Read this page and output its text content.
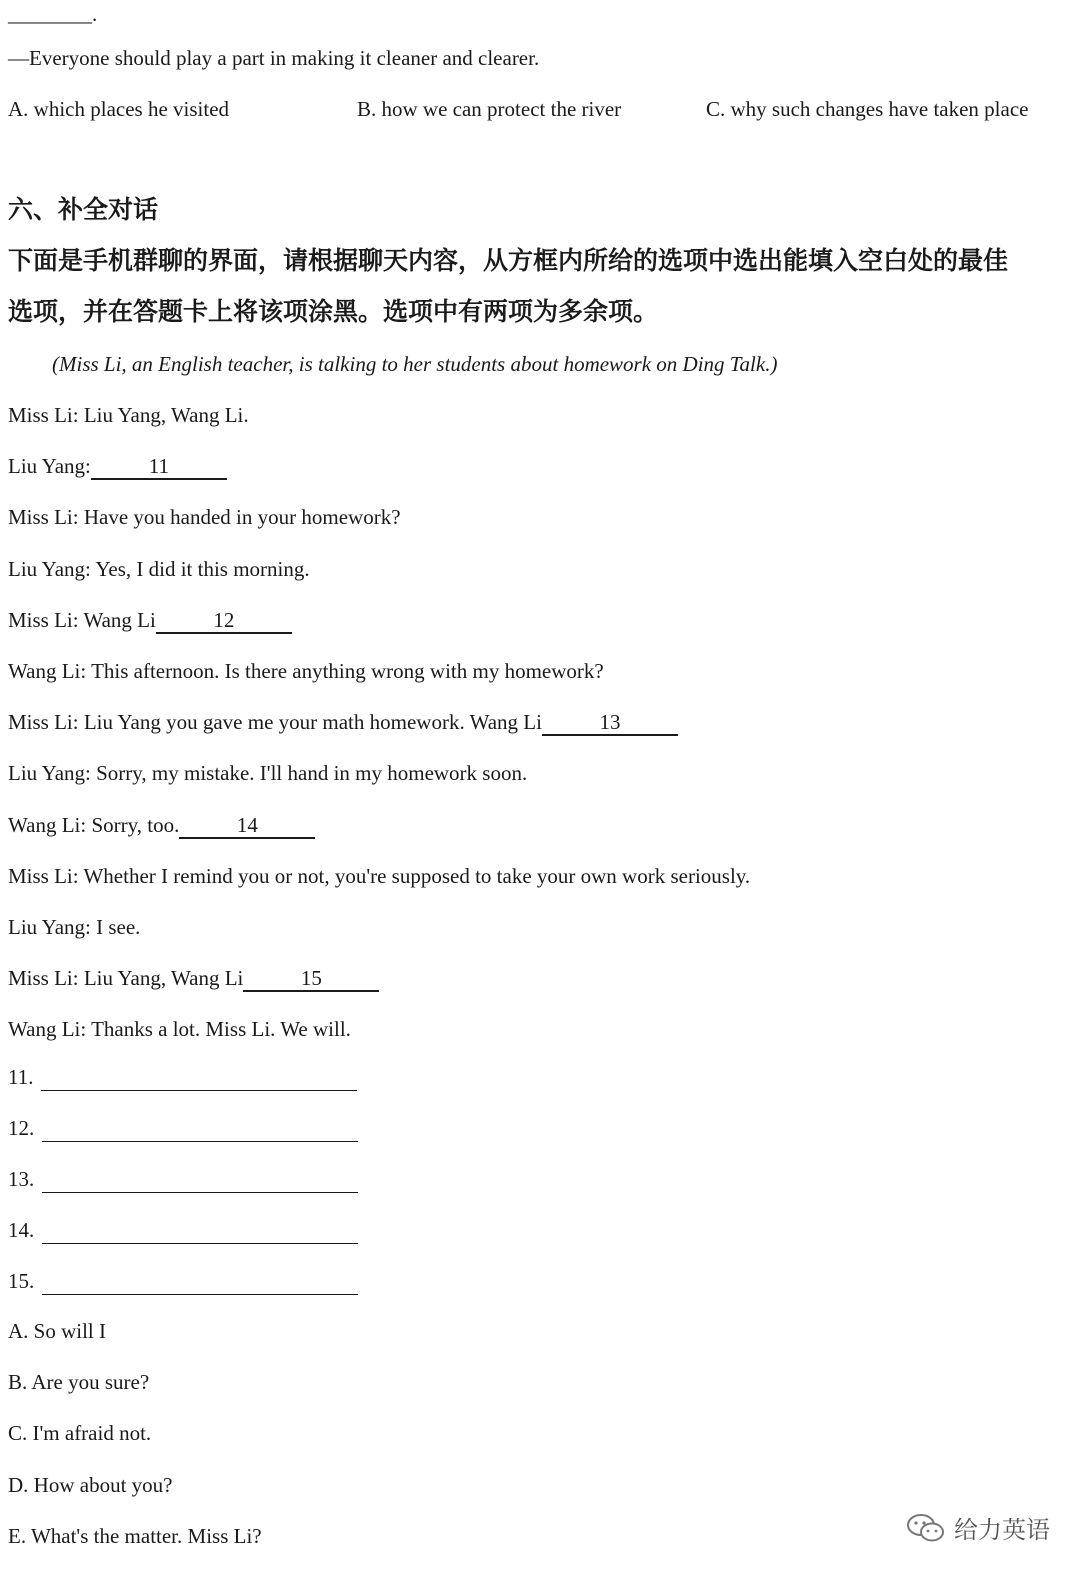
________.
—Everyone should play a part in making it cleaner and clearer.
A. which places he visited	B. how we can protect the river	C. why such changes have taken place
六、补全对话
下面是手机群聊的界面，请根据聊天内容，从方框内所给的选项中选出能填入空白处的最佳
选项，并在答题卡上将该项涂黑。选项中有两项为多余项。
(Miss Li, an English teacher, is talking to her students about homework on Ding Talk.)
Miss Li: Liu Yang, Wang Li.
Liu Yang:	11
Miss Li: Have you handed in your homework?
Liu Yang: Yes, I did it this morning.
Miss Li: Wang Li	12
Wang Li: This afternoon. Is there anything wrong with my homework?
Miss Li: Liu Yang you gave me your math homework. Wang Li	13
Liu Yang: Sorry, my mistake. I'll hand in my homework soon.
Wang Li: Sorry, too.	14
Miss Li: Whether I remind you or not, you're supposed to take your own work seriously.
Liu Yang: I see.
Miss Li: Liu Yang, Wang Li	15
Wang Li: Thanks a lot. Miss Li. We will.
11.
12.
13.
14.
15.
A. So will I
B. Are you sure?
C. I'm afraid not.
D. How about you?
E. What's the matter. Miss Li?	给力英语
